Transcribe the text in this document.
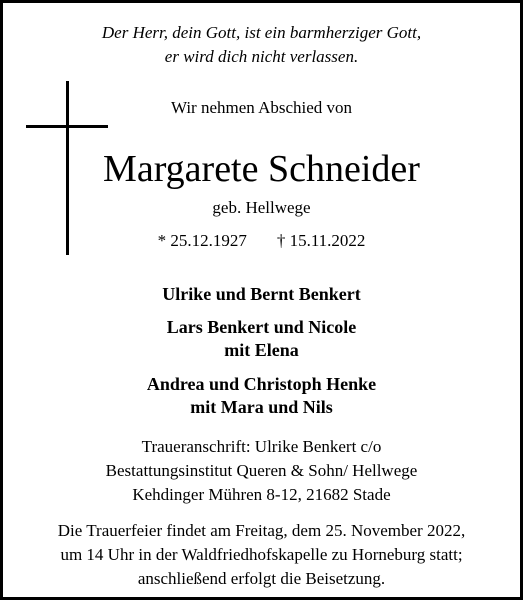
Der Herr, dein Gott, ist ein barmherziger Gott,
er wird dich nicht verlassen.
Wir nehmen Abschied von
Margarete Schneider
geb. Hellwege
* 25.12.1927 † 15.11.2022
Ulrike und Bernt Benkert
Lars Benkert und Nicole
mit Elena
Andrea und Christoph Henke
mit Mara und Nils
Traueranschrift: Ulrike Benkert c/o
Bestattungsinstitut Queren & Sohn/ Hellwege
Kehdinger Mühren 8-12, 21682 Stade
Die Trauerfeier findet am Freitag, dem 25. November 2022,
um 14 Uhr in der Waldfriedhofskapelle zu Horneburg statt;
anschließend erfolgt die Beisetzung.
